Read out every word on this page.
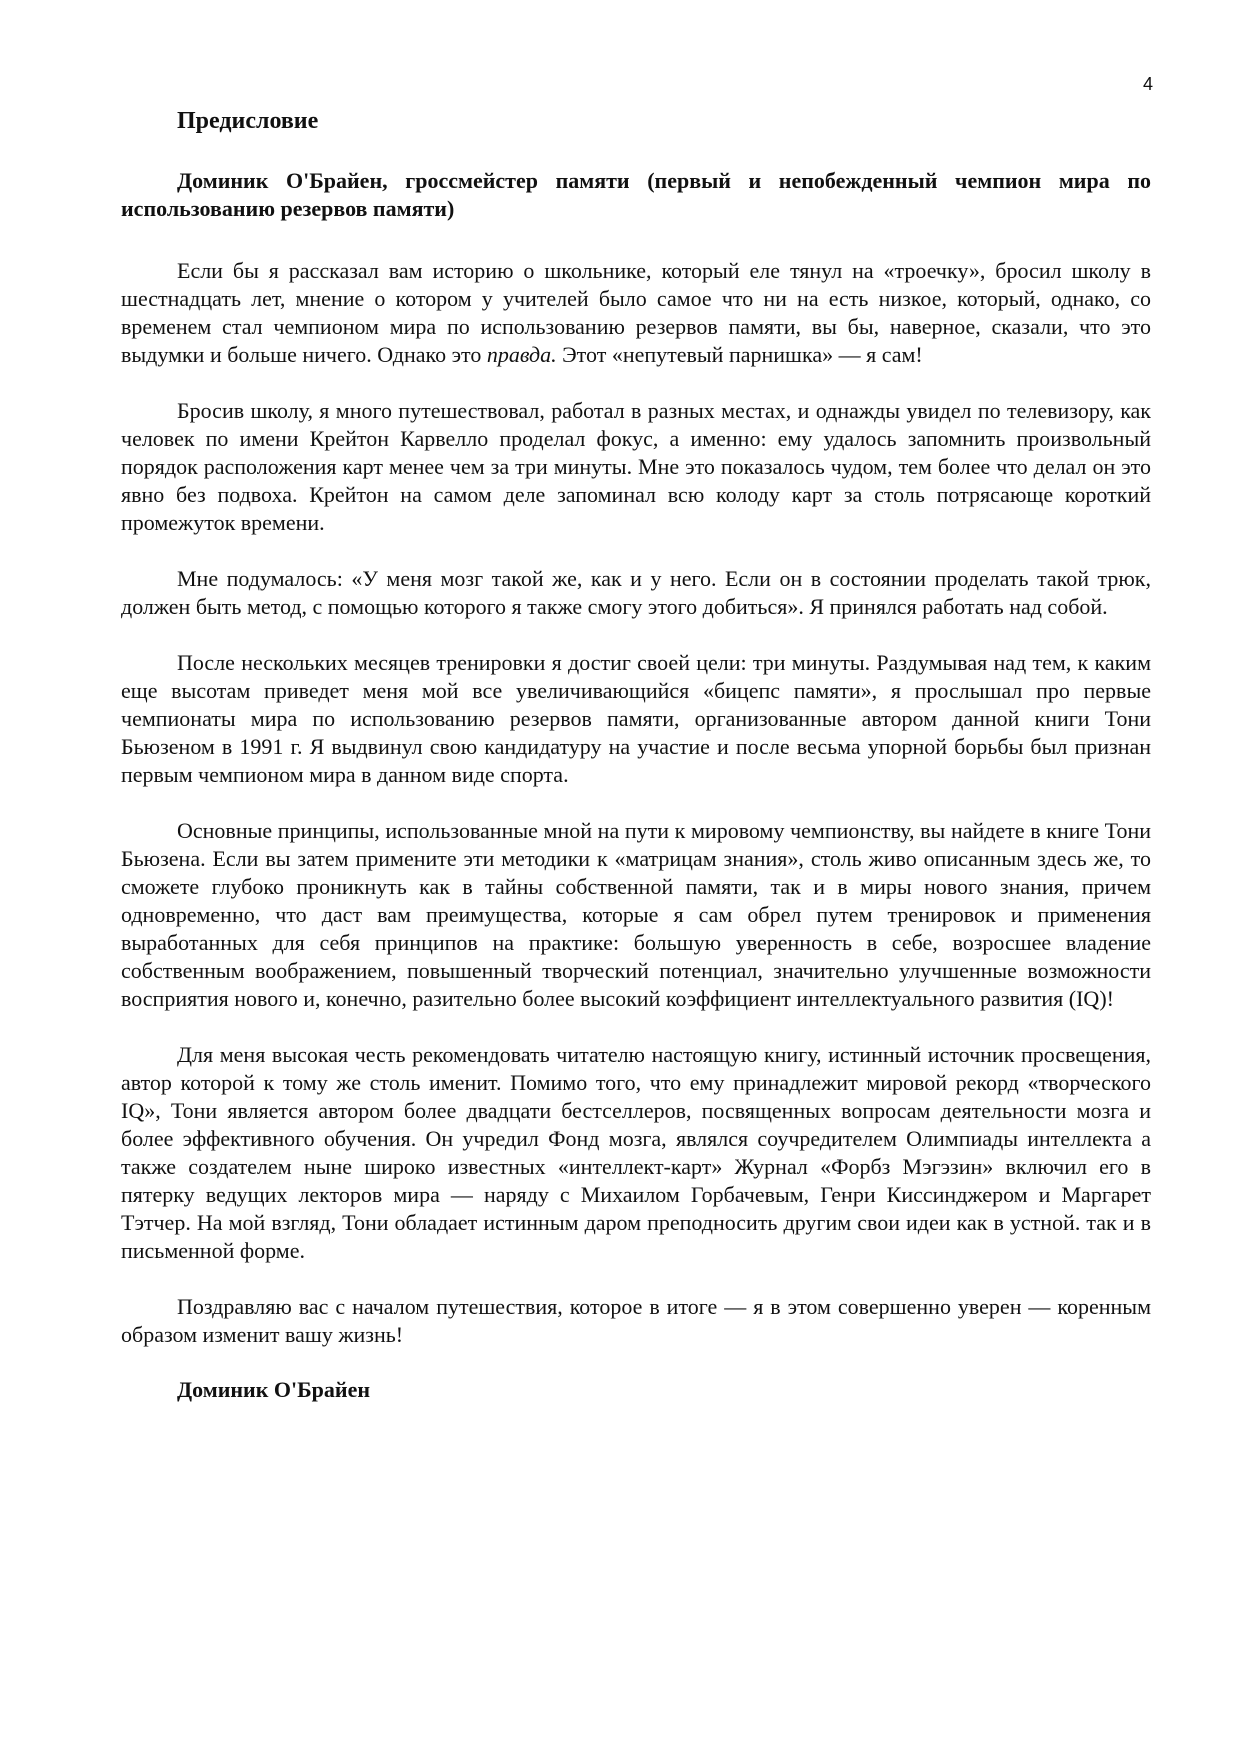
4
Предисловие
Доминик О'Брайен, гроссмейстер памяти (первый и непобежденный чемпион мира по использованию резервов памяти)

Если бы я рассказал вам историю о школьнике, который еле тянул на «троечку», бросил школу в шестнадцать лет, мнение о котором у учителей было самое что ни на есть низкое, который, однако, со временем стал чемпионом мира по использованию резервов памяти, вы бы, наверное, сказали, что это выдумки и больше ничего. Однако это правда. Этот «непутевый парнишка» — я сам!

Бросив школу, я много путешествовал, работал в разных местах, и однажды увидел по телевизору, как человек по имени Крейтон Карвелло проделал фокус, а именно: ему удалось запомнить произвольный порядок расположения карт менее чем за три минуты. Мне это показалось чудом, тем более что делал он это явно без подвоха. Крейтон на самом деле запоминал всю колоду карт за столь потрясающе короткий промежуток времени.

Мне подумалось: «У меня мозг такой же, как и у него. Если он в состоянии проделать такой трюк, должен быть метод, с помощью которого я также смогу этого добиться». Я принялся работать над собой.

После нескольких месяцев тренировки я достиг своей цели: три минуты. Раздумывая над тем, к каким еще высотам приведет меня мой все увеличивающийся «бицепс памяти», я прослышал про первые чемпионаты мира по использованию резервов памяти, организованные автором данной книги Тони Бьюзеном в 1991 г. Я выдвинул свою кандидатуру на участие и после весьма упорной борьбы был признан первым чемпионом мира в данном виде спорта.

Основные принципы, использованные мной на пути к мировому чемпионству, вы найдете в книге Тони Бьюзена. Если вы затем примените эти методики к «матрицам знания», столь живо описанным здесь же, то сможете глубоко проникнуть как в тайны собственной памяти, так и в миры нового знания, причем одновременно, что даст вам преимущества, которые я сам обрел путем тренировок и применения выработанных для себя принципов на практике: большую уверенность в себе, возросшее владение собственным воображением, повышенный творческий потенциал, значительно улучшенные возможности восприятия нового и, конечно, разительно более высокий коэффициент интеллектуального развития (IQ)!

Для меня высокая честь рекомендовать читателю настоящую книгу, истинный источник просвещения, автор которой к тому же столь именит. Помимо того, что ему принадлежит мировой рекорд «творческого IQ», Тони является автором более двадцати бестселлеров, посвященных вопросам деятельности мозга и более эффективного обучения. Он учредил Фонд мозга, являлся соучредителем Олимпиады интеллекта а также создателем ныне широко известных «интеллект-карт» Журнал «Форбз Мэгэзин» включил его в пятерку ведущих лекторов мира — наряду с Михаилом Горбачевым, Генри Киссинджером и Маргарет Тэтчер. На мой взгляд, Тони обладает истинным даром преподносить другим свои идеи как в устной. так и в письменной форме.

Поздравляю вас с началом путешествия, которое в итоге — я в этом совершенно уверен — коренным образом изменит вашу жизнь!

Доминик О'Брайен
